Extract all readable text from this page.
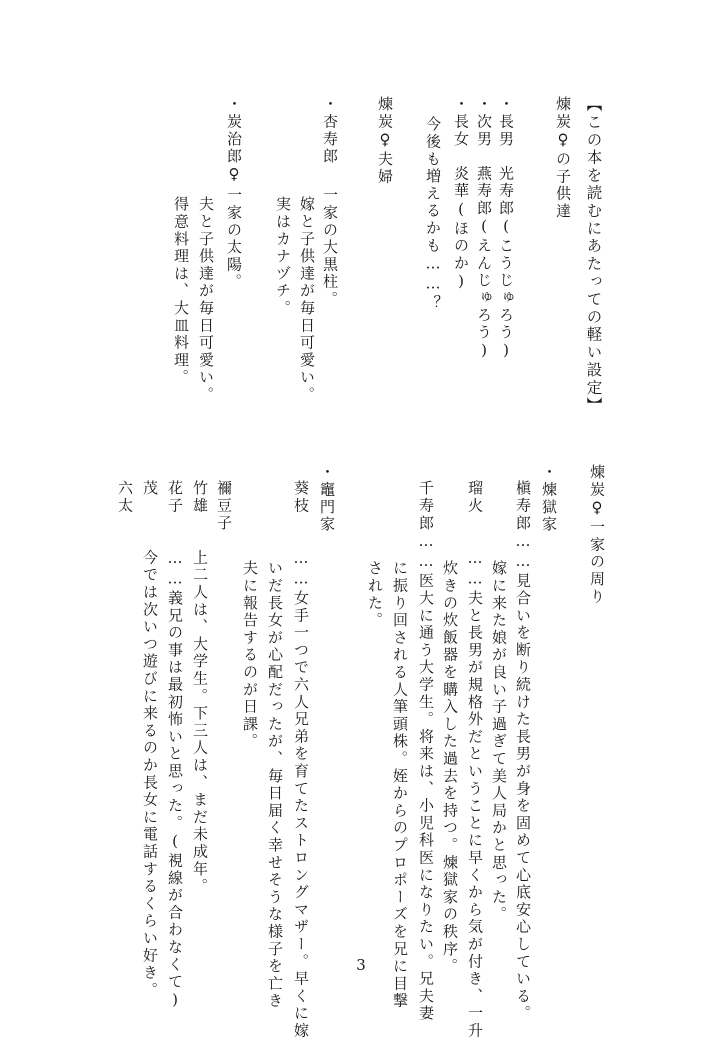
【この本を読むにあたっての軽い設定】
煉炭♀の子供達
・長男　光寿郎(こうじゅろう)
・次男　燕寿郎(えんじゅろう)
・長女　炎華(ほのか)
今後も増えるかも……？
煉炭♀夫婦
・杏寿郎
一家の大黒柱。
嫁と子供達が毎日可愛い。
実はカナヅチ。
・炭治郎♀
一家の太陽。
夫と子供達が毎日可愛い。
得意料理は、大皿料理。
煉炭♀一家の周り
・煉獄家
槇寿郎……見合いを断り続けた長男が身を固めて心底安心している。
嫁に来た娘が良い子過ぎて美人局かと思った。
瑠火　　……夫と長男が規格外だということに早くから気が付き、一升
炊きの炊飯器を購入した過去を持つ。煉獄家の秩序。
千寿郎……医大に通う大学生。将来は、小児科医になりたい。兄夫妻
に振り回される人筆頭株。姪からのプロポーズを兄に目撃
された。
・竈門家
葵枝　　……女手一つで六人兄弟を育てたストロングマザー。早くに嫁
いだ長女が心配だったが、毎日届く幸せそうな様子を亡き
夫に報告するのが日課。
禰豆子
竹雄　　上二人は、大学生。下三人は、まだ未成年。
花子　　……義兄の事は最初怖いと思った。(視線が合わなくて)
茂　　　今では次いつ遊びに来るのか長女に電話するくらい好き。
六太
3
